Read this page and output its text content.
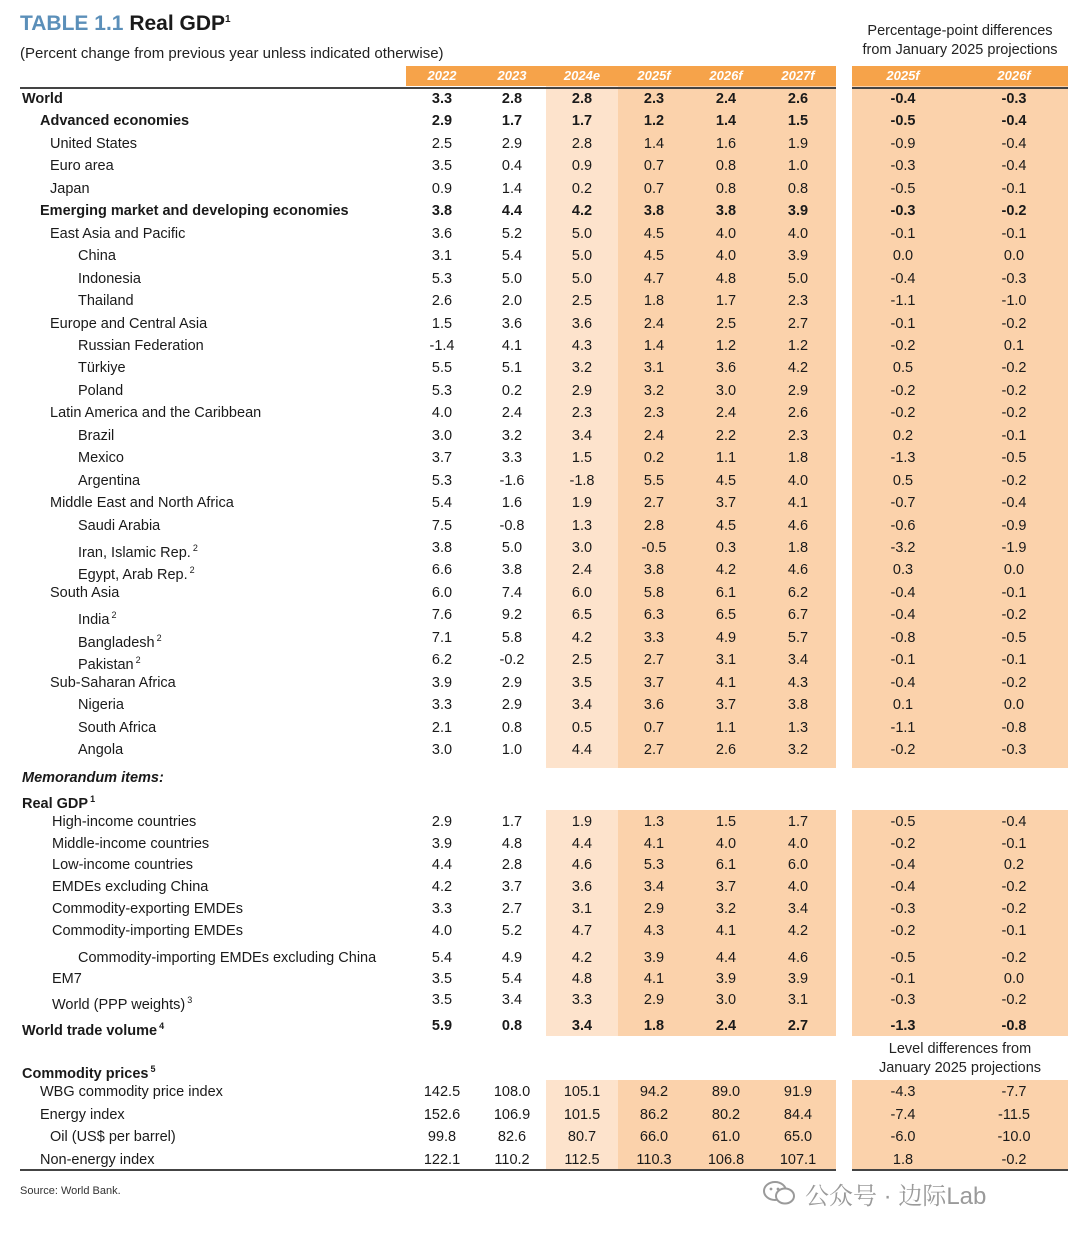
TABLE 1.1 Real GDP$^1$
(Percent change from previous year unless indicated otherwise)
Percentage-point differences
from January 2025 projections
Level differences from
January 2025 projections
2022	2023	2024e	2025f	2026f	2027f	2025f	2026f
World	3.3	2.8	2.8	2.3	2.4	2.6	-0.4	-0.3
Advanced economies	2.9	1.7	1.7	1.2	1.4	1.5	-0.5	-0.4
United States	2.5	2.9	2.8	1.4	1.6	1.9	-0.9	-0.4
Euro area	3.5	0.4	0.9	0.7	0.8	1.0	-0.3	-0.4
Japan	0.9	1.4	0.2	0.7	0.8	0.8	-0.5	-0.1
Emerging market and developing economies	3.8	4.4	4.2	3.8	3.8	3.9	-0.3	-0.2
East Asia and Pacific	3.6	5.2	5.0	4.5	4.0	4.0	-0.1	-0.1
China	3.1	5.4	5.0	4.5	4.0	3.9	0.0	0.0
Indonesia	5.3	5.0	5.0	4.7	4.8	5.0	-0.4	-0.3
Thailand	2.6	2.0	2.5	1.8	1.7	2.3	-1.1	-1.0
Europe and Central Asia	1.5	3.6	3.6	2.4	2.5	2.7	-0.1	-0.2
Russian Federation	-1.4	4.1	4.3	1.4	1.2	1.2	-0.2	0.1
Türkiye	5.5	5.1	3.2	3.1	3.6	4.2	0.5	-0.2
Poland	5.3	0.2	2.9	3.2	3.0	2.9	-0.2	-0.2
Latin America and the Caribbean	4.0	2.4	2.3	2.3	2.4	2.6	-0.2	-0.2
Brazil	3.0	3.2	3.4	2.4	2.2	2.3	0.2	-0.1
Mexico	3.7	3.3	1.5	0.2	1.1	1.8	-1.3	-0.5
Argentina	5.3	-1.6	-1.8	5.5	4.5	4.0	0.5	-0.2
Middle East and North Africa	5.4	1.6	1.9	2.7	3.7	4.1	-0.7	-0.4
Saudi Arabia	7.5	-0.8	1.3	2.8	4.5	4.6	-0.6	-0.9
Iran, Islamic Rep. $^2$	3.8	5.0	3.0	-0.5	0.3	1.8	-3.2	-1.9
Egypt, Arab Rep. $^2$	6.6	3.8	2.4	3.8	4.2	4.6	0.3	0.0
South Asia	6.0	7.4	6.0	5.8	6.1	6.2	-0.4	-0.1
India $^2$	7.6	9.2	6.5	6.3	6.5	6.7	-0.4	-0.2
Bangladesh $^2$	7.1	5.8	4.2	3.3	4.9	5.7	-0.8	-0.5
Pakistan $^2$	6.2	-0.2	2.5	2.7	3.1	3.4	-0.1	-0.1
Sub-Saharan Africa	3.9	2.9	3.5	3.7	4.1	4.3	-0.4	-0.2
Nigeria	3.3	2.9	3.4	3.6	3.7	3.8	0.1	0.0
South Africa	2.1	0.8	0.5	0.7	1.1	1.3	-1.1	-0.8
Angola	3.0	1.0	4.4	2.7	2.6	3.2	-0.2	-0.3
Memorandum items:
Real GDP $^1$
High-income countries	2.9	1.7	1.9	1.3	1.5	1.7	-0.5	-0.4
Middle-income countries	3.9	4.8	4.4	4.1	4.0	4.0	-0.2	-0.1
Low-income countries	4.4	2.8	4.6	5.3	6.1	6.0	-0.4	0.2
EMDEs excluding China	4.2	3.7	3.6	3.4	3.7	4.0	-0.4	-0.2
Commodity-exporting EMDEs	3.3	2.7	3.1	2.9	3.2	3.4	-0.3	-0.2
Commodity-importing EMDEs	4.0	5.2	4.7	4.3	4.1	4.2	-0.2	-0.1
Commodity-importing EMDEs excluding China	5.4	4.9	4.2	3.9	4.4	4.6	-0.5	-0.2
EM7	3.5	5.4	4.8	4.1	3.9	3.9	-0.1	0.0
World (PPP weights) $^3$	3.5	3.4	3.3	2.9	3.0	3.1	-0.3	-0.2
World trade volume $^4$	5.9	0.8	3.4	1.8	2.4	2.7	-1.3	-0.8
Commodity prices $^5$
WBG commodity price index	142.5	108.0	105.1	94.2	89.0	91.9	-4.3	-7.7
Energy index	152.6	106.9	101.5	86.2	80.2	84.4	-7.4	-11.5
Oil (US$ per barrel)	99.8	82.6	80.7	66.0	61.0	65.0	-6.0	-10.0
Non-energy index	122.1	110.2	112.5	110.3	106.8	107.1	1.8	-0.2
Source: World Bank.	公众号 · 边际Lab
